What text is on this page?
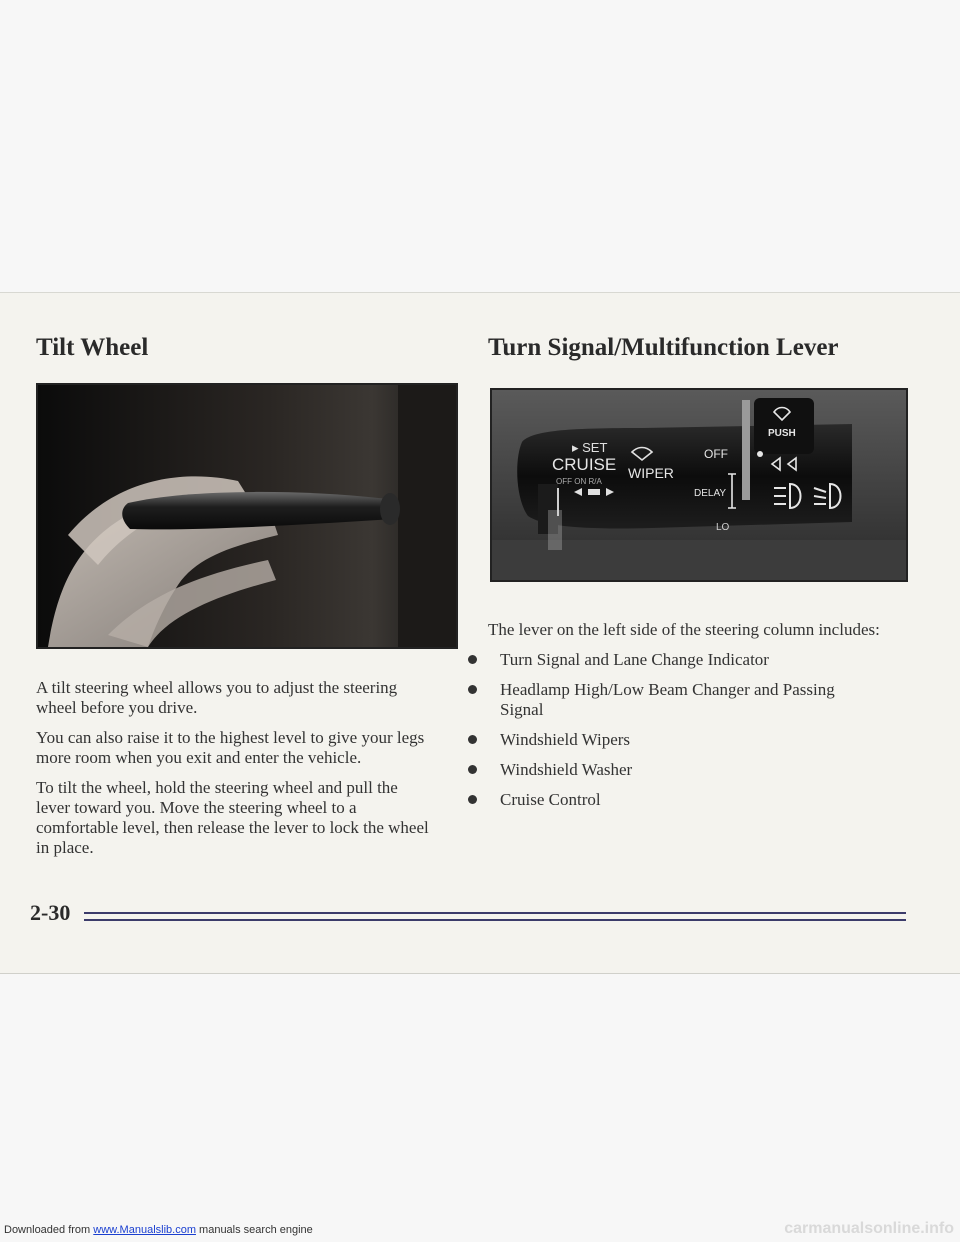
Tilt Wheel

A tilt steering wheel allows you to adjust the steering wheel before you drive.

You can also raise it to the highest level to give your legs more room when you exit and enter the vehicle.

To tilt the wheel, hold the steering wheel and pull the lever toward you. Move the steering wheel to a comfortable level, then release the lever to lock the wheel in place.

Turn Signal/Multifunction Lever
▸ SET
CRUISE
OFF ON R/A
WIPER
OFF
DELAY
LO
PUSH

The lever on the left side of the steering column includes:

Turn Signal and Lane Change Indicator
Headlamp High/Low Beam Changer and Passing Signal
Windshield Wipers
Windshield Washer
Cruise Control

2-30

Downloaded from www.Manualslib.com manuals search engine	carmanualsonline.info
